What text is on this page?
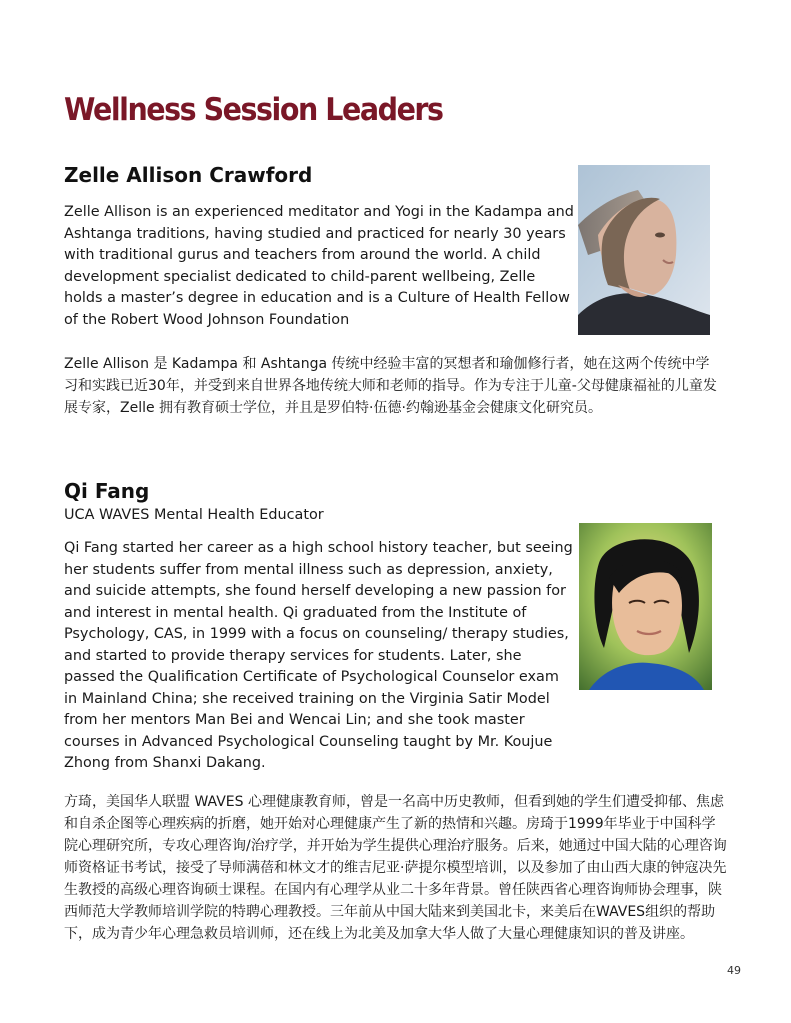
Wellness Session Leaders
Zelle Allison Crawford

Zelle Allison is an experienced meditator and Yogi in the Kadampa and Ashtanga traditions, having studied and practiced for nearly 30 years with traditional gurus and teachers from around the world. A child development specialist dedicated to child-parent wellbeing, Zelle holds a master’s degree in education and is a Culture of Health Fellow of the Robert Wood Johnson Foundation

Zelle Allison 是 Kadampa 和 Ashtanga 传统中经验丰富的冥想者和瑜伽修行者，她在这两个传统中学习和实践已近30年，并受到来自世界各地传统大师和老师的指导。作为专注于儿童-父母健康福祉的儿童发展专家，Zelle 拥有教育硕士学位，并且是罗伯特·伍德·约翰逊基金会健康文化研究员。

Qi Fang

UCA WAVES Mental Health Educator

Qi Fang started her career as a high school history teacher, but seeing her students suffer from mental illness such as depression, anxiety, and suicide attempts, she found herself developing a new passion for and interest in mental health. Qi graduated from the Institute of Psychology, CAS, in 1999 with a focus on counseling/ therapy studies, and started to provide therapy services for students. Later, she passed the Qualification Certificate of Psychological Counselor exam in Mainland China; she received training on the Virginia Satir Model from her mentors Man Bei and Wencai Lin; and she took master courses in Advanced Psychological Counseling taught by Mr. Koujue Zhong from Shanxi Dakang.

方琦，美国华人联盟 WAVES 心理健康教育师，曾是一名高中历史教师，但看到她的学生们遭受抑郁、焦虑和自杀企图等心理疾病的折磨，她开始对心理健康产生了新的热情和兴趣。房琦于1999年毕业于中国科学院心理研究所，专攻心理咨询/治疗学，并开始为学生提供心理治疗服务。后来，她通过中国大陆的心理咨询师资格证书考试，接受了导师满蓓和林文才的维吉尼亚·萨提尔模型培训，以及参加了由山西大康的钟寇决先生教授的高级心理咨询硕士课程。在国内有心理学从业二十多年背景。曾任陕西省心理咨询师协会理事，陕西师范大学教师培训学院的特聘心理教授。三年前从中国大陆来到美国北卡，来美后在WAVES组织的帮助下，成为青少年心理急救员培训师，还在线上为北美及加拿大华人做了大量心理健康知识的普及讲座。

49
